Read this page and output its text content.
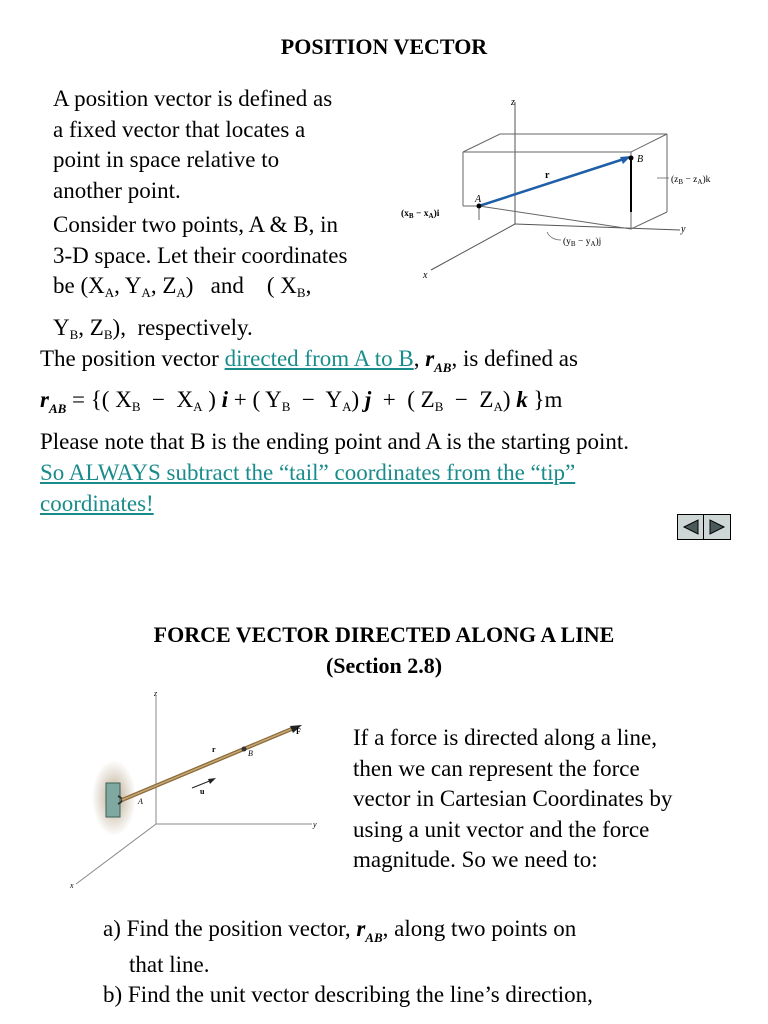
POSITION VECTOR
A position vector is defined as
a fixed vector that locates a
point in space relative to
another point.
Consider two points, A & B, in
3-D space. Let their coordinates
be ($X_A$, $Y_A$, $Z_A$)   and    ( $X_B$,
$Y_B$, $Z_B$),  respectively.
The position vector directed from A to B, $r_{AB}$, is defined as
$r_{AB}$ = {( $X_B - X_A$ ) i + ( $Y_B - Y_A$) j  +  ( $Z_B - Z_A$) k }m
Please note that B is the ending point and A is the starting point.
So ALWAYS subtract the “tail” coordinates from the “tip”
coordinates!
z
y
x
A
B
r
$(x_B - x_A)i$
$(y_B - y_A)j$
$(z_B - z_A)k$
FORCE VECTOR DIRECTED ALONG A LINE
(Section 2.8)
z
y
x
A
B
r
F
u
If a force is directed along a line,
then we can represent the force
vector in Cartesian Coordinates by
using a unit vector and the force
magnitude. So we need to:
a) Find the position vector, $r_{AB}$, along two points on
that line.
b) Find the unit vector describing the line’s direction,
